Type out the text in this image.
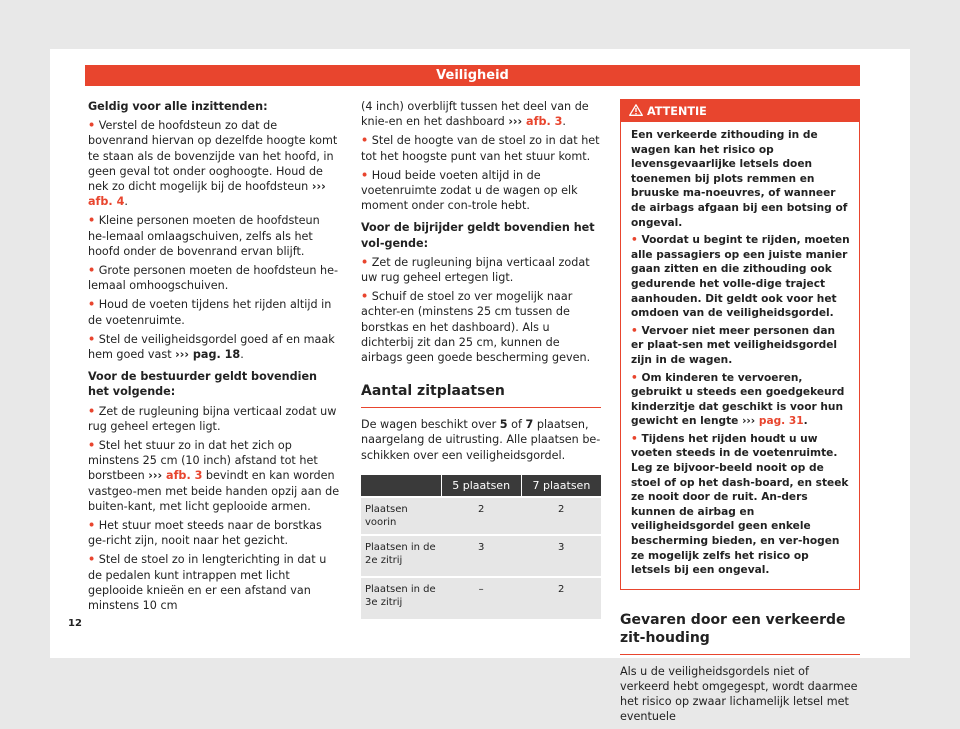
Veiligheid
Geldig voor alle inzittenden:

• Verstel de hoofdsteun zo dat de bovenrand hiervan op dezelfde hoogte komt te staan als de bovenzijde van het hoofd, in geen geval tot onder ooghoogte. Houd de nek zo dicht mogelijk bij de hoofdsteun ››› afb. 4.

• Kleine personen moeten de hoofdsteun he-lemaal omlaagschuiven, zelfs als het hoofd onder de bovenrand ervan blijft.

• Grote personen moeten de hoofdsteun he-lemaal omhoogschuiven.

• Houd de voeten tijdens het rijden altijd in de voetenruimte.

• Stel de veiligheidsgordel goed af en maak hem goed vast ››› pag. 18.

Voor de bestuurder geldt bovendien het volgende:

• Zet de rugleuning bijna verticaal zodat uw rug geheel ertegen ligt.

• Stel het stuur zo in dat het zich op minstens 25 cm (10 inch) afstand tot het borstbeen ››› afb. 3 bevindt en kan worden vastgeo-men met beide handen opzij aan de buiten-kant, met licht geplooide armen.

• Het stuur moet steeds naar de borstkas ge-richt zijn, nooit naar het gezicht.

• Stel de stoel zo in lengterichting in dat u de pedalen kunt intrappen met licht geplooide knieën en er een afstand van minstens 10 cm

(4 inch) overblijft tussen het deel van de knie-en en het dashboard ››› afb. 3.

• Stel de hoogte van de stoel zo in dat het tot het hoogste punt van het stuur komt.

• Houd beide voeten altijd in de voetenruimte zodat u de wagen op elk moment onder con-trole hebt.

Voor de bijrijder geldt bovendien het vol-gende:

• Zet de rugleuning bijna verticaal zodat uw rug geheel ertegen ligt.

• Schuif de stoel zo ver mogelijk naar achter-en (minstens 25 cm tussen de borstkas en het dashboard). Als u dichterbij zit dan 25 cm, kunnen de airbags geen goede bescherming geven.

Aantal zitplaatsen

De wagen beschikt over 5 of 7 plaatsen, naargelang de uitrusting. Alle plaatsen be-schikken over een veiligheidsgordel.

	5 plaatsen	7 plaatsen
Plaatsen voorin	2	2
Plaatsen in de 2e zitrij	3	3
Plaatsen in de 3e zitrij	–	2
ATTENTIE

Een verkeerde zithouding in de wagen kan het risico op levensgevaarlijke letsels doen toenemen bij plots remmen en bruuske ma-noeuvres, of wanneer de airbags afgaan bij een botsing of ongeval.

• Voordat u begint te rijden, moeten alle passagiers op een juiste manier gaan zitten en die zithouding ook gedurende het volle-dige traject aanhouden. Dit geldt ook voor het omdoen van de veiligheidsgordel.

• Vervoer niet meer personen dan er plaat-sen met veiligheidsgordel zijn in de wagen.

• Om kinderen te vervoeren, gebruikt u steeds een goedgekeurd kinderzitje dat geschikt is voor hun gewicht en lengte ››› pag. 31.

• Tijdens het rijden houdt u uw voeten steeds in de voetenruimte. Leg ze bijvoor-beeld nooit op de stoel of op het dash-board, en steek ze nooit door de ruit. An-ders kunnen de airbag en veiligheidsgordel geen enkele bescherming bieden, en ver-hogen ze mogelijk zelfs het risico op letsels bij een ongeval.

Gevaren door een verkeerde zit-houding

Als u de veiligheidsgordels niet of verkeerd hebt omgegespt, wordt daarmee het risico op zwaar lichamelijk letsel met eventuele

12
